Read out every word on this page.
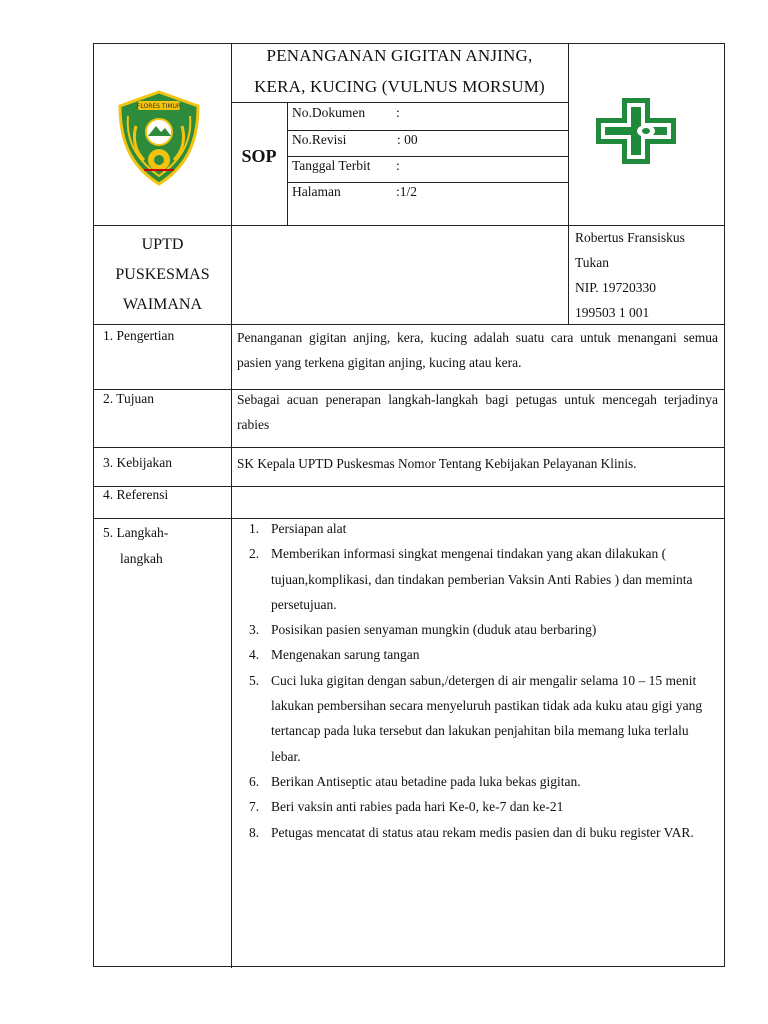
FLORES TIMUR
PENANGANAN GIGITAN ANJING,
KERA, KUCING (VULNUS MORSUM)
SOP
No.Dokumen :
No.Revisi	: 00
Tanggal Terbit :
Halaman	:1/2
UPTD
PUSKESMAS
WAIMANA
Robertus Fransiskus
Tukan
NIP. 19720330
199503 1 001
1. Pengertian	Penanganan gigitan anjing, kera, kucing adalah suatu cara untuk menangani semua pasien yang terkena gigitan anjing, kucing atau kera.
2. Tujuan	Sebagai acuan penerapan langkah-langkah bagi petugas untuk mencegah terjadinya rabies
3. Kebijakan	SK Kepala UPTD Puskesmas Nomor Tentang Kebijakan Pelayanan Klinis.
4. Referensi
5. Langkah-
langkah
1. Persiapan alat
2. Memberikan informasi singkat mengenai tindakan yang akan dilakukan ( tujuan,komplikasi, dan tindakan pemberian Vaksin Anti Rabies ) dan meminta persetujuan.
3. Posisikan pasien senyaman mungkin (duduk atau berbaring)
4. Mengenakan sarung tangan
5. Cuci luka gigitan dengan sabun,/detergen di air mengalir selama 10 – 15 menit lakukan pembersihan secara menyeluruh pastikan tidak ada kuku atau gigi yang tertancap pada luka tersebut dan lakukan penjahitan bila memang luka terlalu lebar.
6. Berikan Antiseptic atau betadine pada luka bekas gigitan.
7. Beri vaksin anti rabies pada hari Ke-0, ke-7 dan ke-21
8. Petugas mencatat di status atau rekam medis pasien dan di buku register VAR.
